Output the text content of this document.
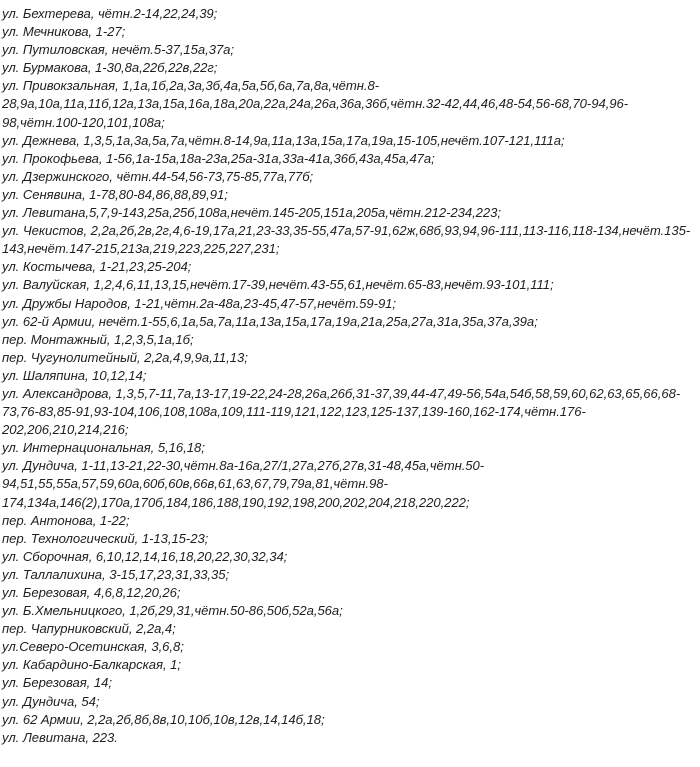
ул. Бехтерева, чётн.2-14,22,24,39;
ул. Мечникова, 1-27;
ул. Путиловская, нечёт.5-37,15а,37а;
ул. Бурмакова, 1-30,8а,22б,22в,22г;
ул. Привокзальная, 1,1а,1б,2а,3а,3б,4а,5а,5б,6а,7а,8а,чётн.8-28,9а,10а,11а,11б,12а,13а,15а,16а,18а,20а,22а,24а,26а,36а,36б,чётн.32-42,44,46,48-54,56-68,70-94,96-98,чётн.100-120,101,108а;
ул. Дежнева, 1,3,5,1а,3а,5а,7а,чётн.8-14,9а,11а,13а,15а,17а,19а,15-105,нечёт.107-121,111а;
ул. Прокофьева, 1-56,1а-15а,18а-23а,25а-31а,33а-41а,36б,43а,45а,47а;
ул. Дзержинского, чётн.44-54,56-73,75-85,77а,77б;
ул. Сенявина, 1-78,80-84,86,88,89,91;
ул. Левитана,5,7,9-143,25а,25б,108а,нечёт.145-205,151а,205а,чётн.212-234,223;
ул. Чекистов, 2,2а,2б,2в,2г,4,6-19,17а,21,23-33,35-55,47а,57-91,62ж,68б,93,94,96-111,113-116,118-134,нечёт.135-143,нечёт.147-215,213а,219,223,225,227,231;
ул. Костычева, 1-21,23,25-204;
ул. Валуйская, 1,2,4,6,11,13,15,нечёт.17-39,нечёт.43-55,61,нечёт.65-83,нечёт.93-101,111;
ул. Дружбы Народов, 1-21,чётн.2а-48а,23-45,47-57,нечёт.59-91;
ул. 62-й Армии, нечёт.1-55,6,1а,5а,7а,11а,13а,15а,17а,19а,21а,25а,27а,31а,35а,37а,39а;
пер. Монтажный, 1,2,3,5,1а,1б;
пер. Чугунолитейный, 2,2а,4,9,9а,11,13;
ул. Шаляпина, 10,12,14;
ул. Александрова, 1,3,5,7-11,7а,13-17,19-22,24-28,26а,26б,31-37,39,44-47,49-56,54а,54б,58,59,60,62,63,65,66,68-73,76-83,85-91,93-104,106,108,108а,109,111-119,121,122,123,125-137,139-160,162-174,чётн.176-202,206,210,214,216;
ул. Интернациональная, 5,16,18;
ул. Дундича, 1-11,13-21,22-30,чётн.8а-16а,27/1,27а,27б,27в,31-48,45а,чётн.50-94,51,55,55а,57,59,60а,60б,60в,66в,61,63,67,79,79а,81,чётн.98-174,134а,146(2),170а,170б,184,186,188,190,192,198,200,202,204,218,220,222;
пер. Антонова, 1-22;
пер. Технологический, 1-13,15-23;
ул. Сборочная, 6,10,12,14,16,18,20,22,30,32,34;
ул. Таллалихина, 3-15,17,23,31,33,35;
ул. Березовая, 4,6,8,12,20,26;
ул. Б.Хмельницкого, 1,2б,29,31,чётн.50-86,50б,52а,56а;
пер. Чапурниковский, 2,2а,4;
ул.Северо-Осетинская, 3,6,8;
ул. Кабардино-Балкарская, 1;
ул. Березовая, 14;
ул. Дундича, 54;
ул. 62 Армии, 2,2а,2б,8б,8в,10,10б,10в,12в,14,14б,18;
ул. Левитана, 223.
